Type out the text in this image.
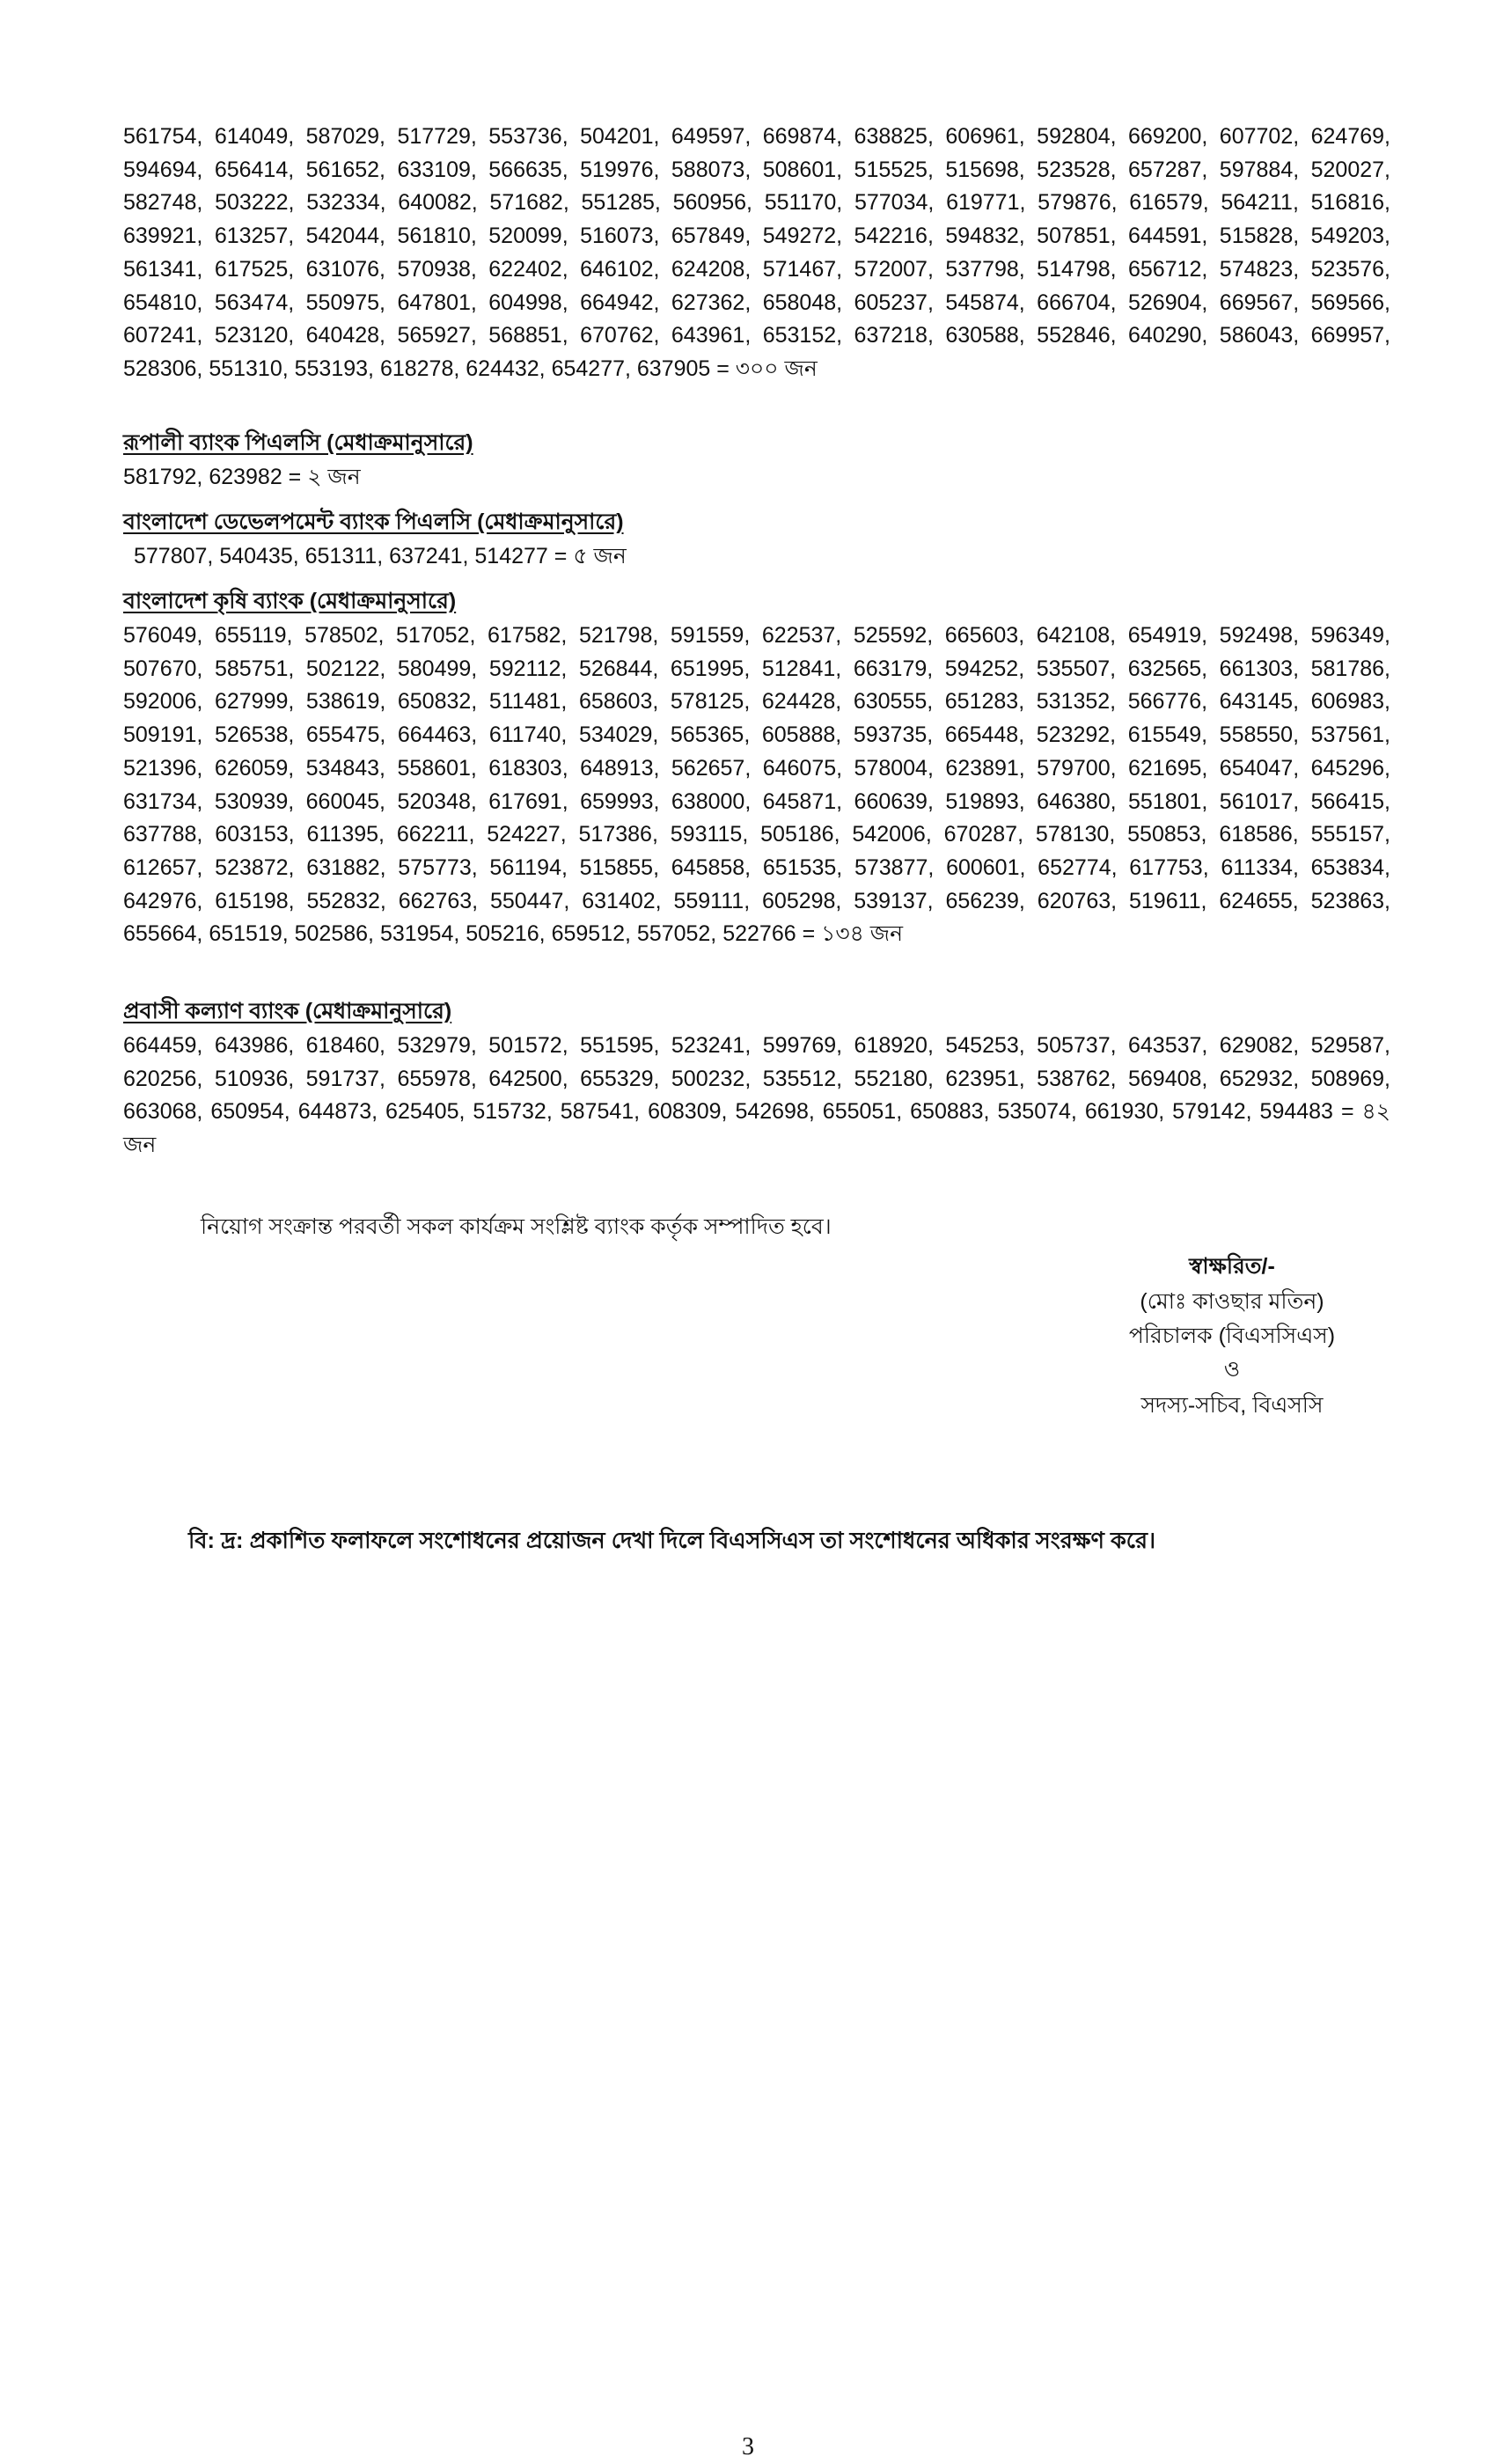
561754, 614049, 587029, 517729, 553736, 504201, 649597, 669874, 638825, 606961, 592804, 669200, 607702, 624769, 594694, 656414, 561652, 633109, 566635, 519976, 588073, 508601, 515525, 515698, 523528, 657287, 597884, 520027, 582748, 503222, 532334, 640082, 571682, 551285, 560956, 551170, 577034, 619771, 579876, 616579, 564211, 516816, 639921, 613257, 542044, 561810, 520099, 516073, 657849, 549272, 542216, 594832, 507851, 644591, 515828, 549203, 561341, 617525, 631076, 570938, 622402, 646102, 624208, 571467, 572007, 537798, 514798, 656712, 574823, 523576, 654810, 563474, 550975, 647801, 604998, 664942, 627362, 658048, 605237, 545874, 666704, 526904, 669567, 569566, 607241, 523120, 640428, 565927, 568851, 670762, 643961, 653152, 637218, 630588, 552846, 640290, 586043, 669957, 528306, 551310, 553193, 618278, 624432, 654277, 637905 = ৩০০ জন
রূপালী ব্যাংক পিএলসি (মেধাক্রমানুসারে)
581792, 623982 = ২ জন
বাংলাদেশ ডেভেলপমেন্ট ব্যাংক পিএলসি (মেধাক্রমানুসারে)
577807, 540435, 651311, 637241, 514277 = ৫ জন
বাংলাদেশ কৃষি ব্যাংক (মেধাক্রমানুসারে)
576049, 655119, 578502, 517052, 617582, 521798, 591559, 622537, 525592, 665603, 642108, 654919, 592498, 596349, 507670, 585751, 502122, 580499, 592112, 526844, 651995, 512841, 663179, 594252, 535507, 632565, 661303, 581786, 592006, 627999, 538619, 650832, 511481, 658603, 578125, 624428, 630555, 651283, 531352, 566776, 643145, 606983, 509191, 526538, 655475, 664463, 611740, 534029, 565365, 605888, 593735, 665448, 523292, 615549, 558550, 537561, 521396, 626059, 534843, 558601, 618303, 648913, 562657, 646075, 578004, 623891, 579700, 621695, 654047, 645296, 631734, 530939, 660045, 520348, 617691, 659993, 638000, 645871, 660639, 519893, 646380, 551801, 561017, 566415, 637788, 603153, 611395, 662211, 524227, 517386, 593115, 505186, 542006, 670287, 578130, 550853, 618586, 555157, 612657, 523872, 631882, 575773, 561194, 515855, 645858, 651535, 573877, 600601, 652774, 617753, 611334, 653834, 642976, 615198, 552832, 662763, 550447, 631402, 559111, 605298, 539137, 656239, 620763, 519611, 624655, 523863, 655664, 651519, 502586, 531954, 505216, 659512, 557052, 522766 = ১৩৪ জন
প্রবাসী কল্যাণ ব্যাংক (মেধাক্রমানুসারে)
664459, 643986, 618460, 532979, 501572, 551595, 523241, 599769, 618920, 545253, 505737, 643537, 629082, 529587, 620256, 510936, 591737, 655978, 642500, 655329, 500232, 535512, 552180, 623951, 538762, 569408, 652932, 508969, 663068, 650954, 644873, 625405, 515732, 587541, 608309, 542698, 655051, 650883, 535074, 661930, 579142, 594483 = ৪২ জন
নিয়োগ সংক্রান্ত পরবর্তী সকল কার্যক্রম সংশ্লিষ্ট ব্যাংক কর্তৃক সম্পাদিত হবে।
স্বাক্ষরিত/-
(মোঃ কাওছার মতিন)
পরিচালক (বিএসসিএস)
ও
সদস্য-সচিব, বিএসসি
বি: দ্র: প্রকাশিত ফলাফলে সংশোধনের প্রয়োজন দেখা দিলে বিএসসিএস তা সংশোধনের অধিকার সংরক্ষণ করে।
3
